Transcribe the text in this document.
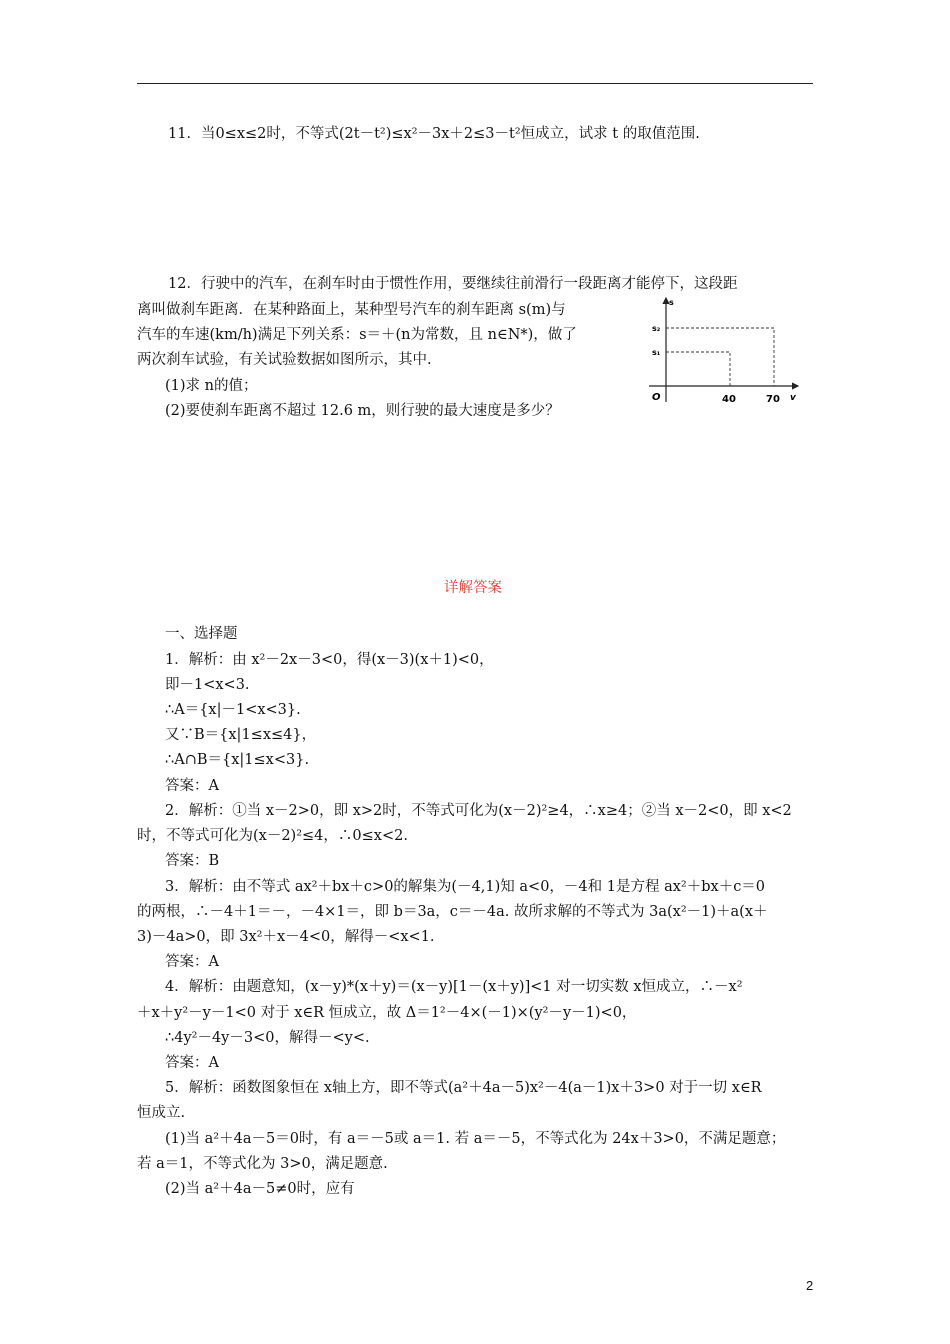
11．当0≤x≤2时，不等式(2t－t²)≤x²－3x＋2≤3－t²恒成立，试求 t 的取值范围.
12．行驶中的汽车，在刹车时由于惯性作用，要继续往前滑行一段距离才能停下，这段距
离叫做刹车距离．在某种路面上，某种型号汽车的刹车距离 s(m)与
汽车的车速(km/h)满足下列关系：s＝＋(n为常数，且 n∈N*)，做了
两次刹车试验，有关试验数据如图所示，其中.
(1)求 n的值；
(2)要使刹车距离不超过 12.6 m，则行驶的最大速度是多少？
s
v
O
s₂
s₁
40	70
详解答案
一、选择题
1．解析：由 x²－2x－3<0，得(x－3)(x＋1)<0，
即－1<x<3.
∴A＝{x|－1<x<3}.
又∵B＝{x|1≤x≤4}，
∴A∩B＝{x|1≤x<3}.
答案：A
2．解析：①当 x－2>0，即 x>2时，不等式可化为(x－2)²≥4，∴x≥4；②当 x－2<0，即 x<2
时，不等式可化为(x－2)²≤4，∴0≤x<2.
答案：B
3．解析：由不等式 ax²＋bx＋c>0的解集为(－4,1)知 a<0，－4和 1是方程 ax²＋bx＋c＝0
的两根，∴－4＋1＝－，－4×1＝，即 b＝3a，c＝－4a. 故所求解的不等式为 3a(x²－1)＋a(x＋
3)－4a>0，即 3x²＋x－4<0，解得－<x<1.
答案：A
4．解析：由题意知，(x－y)*(x＋y)＝(x－y)[1－(x＋y)]<1 对一切实数 x恒成立，∴－x²
＋x＋y²－y－1<0 对于 x∈R 恒成立，故 Δ＝1²－4×(－1)×(y²－y－1)<0，
∴4y²－4y－3<0，解得－<y<.
答案：A
5．解析：函数图象恒在 x轴上方，即不等式(a²＋4a－5)x²－4(a－1)x＋3>0 对于一切 x∈R
恒成立.
(1)当 a²＋4a－5＝0时，有 a＝－5或 a＝1. 若 a＝－5，不等式化为 24x＋3>0，不满足题意；
若 a＝1，不等式化为 3>0，满足题意.
(2)当 a²＋4a－5≠0时，应有
2
